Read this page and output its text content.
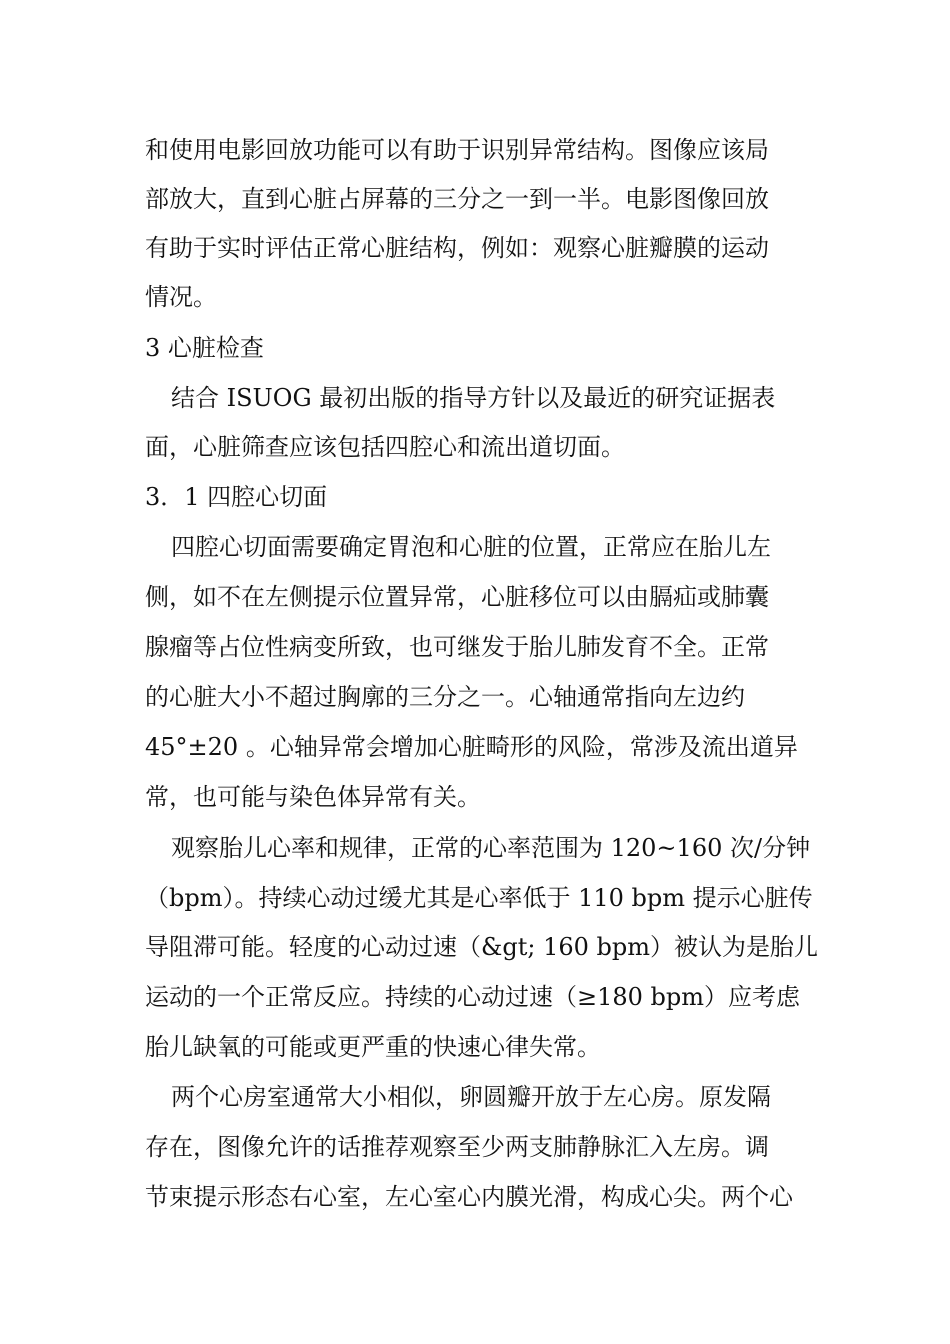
和使用电影回放功能可以有助于识别异常结构。图像应该局
部放大，直到心脏占屏幕的三分之一到一半。电影图像回放
有助于实时评估正常心脏结构，例如：观察心脏瓣膜的运动
情况。
3 心脏检查
结合 ISUOG 最初出版的指导方针以及最近的研究证据表
面，心脏筛查应该包括四腔心和流出道切面。
3．1 四腔心切面
四腔心切面需要确定胃泡和心脏的位置，正常应在胎儿左
侧，如不在左侧提示位置异常，心脏移位可以由膈疝或肺囊
腺瘤等占位性病变所致，也可继发于胎儿肺发育不全。正常
的心脏大小不超过胸廓的三分之一。心轴通常指向左边约
45°±20 。心轴异常会增加心脏畸形的风险，常涉及流出道异
常，也可能与染色体异常有关。
观察胎儿心率和规律，正常的心率范围为 120~160 次/分钟
（bpm）。持续心动过缓尤其是心率低于 110 bpm 提示心脏传
导阻滞可能。轻度的心动过速（&gt; 160 bpm）被认为是胎儿
运动的一个正常反应。持续的心动过速（≥180 bpm）应考虑
胎儿缺氧的可能或更严重的快速心律失常。
两个心房室通常大小相似，卵圆瓣开放于左心房。原发隔
存在，图像允许的话推荐观察至少两支肺静脉汇入左房。调
节束提示形态右心室，左心室心内膜光滑，构成心尖。两个心
